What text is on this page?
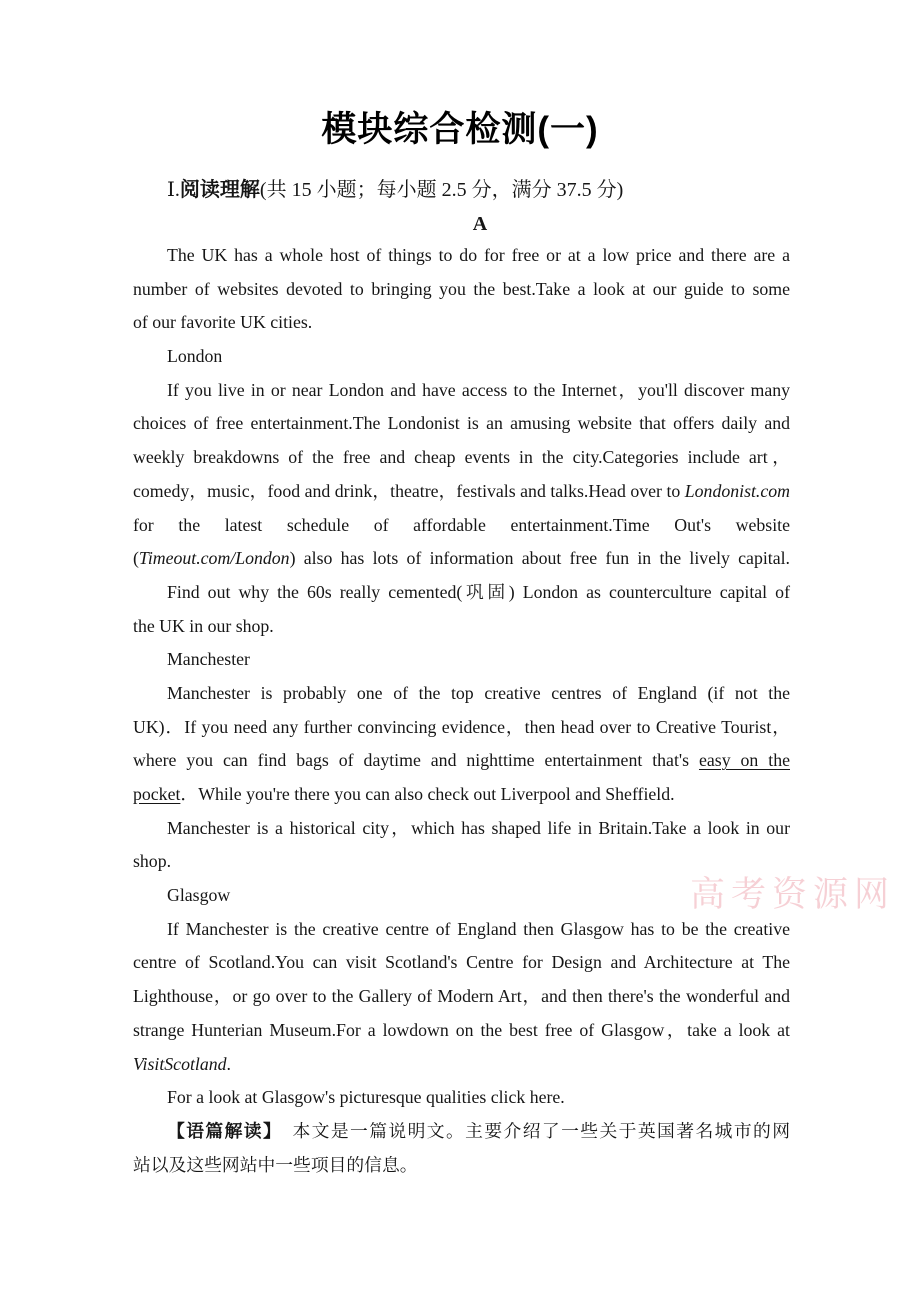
模块综合检测(一)
Ⅰ.阅读理解(共 15 小题；每小题 2.5 分，满分 37.5 分)
A
The UK has a whole host of things to do for free or at a low price and there are a
number of websites devoted to bringing you the best.Take a look at our guide to some
of our favorite UK cities.
London
If you live in or near London and have access to the Internet，you'll discover many
choices of free entertainment.The Londonist is an amusing website that offers daily and
weekly breakdowns of the free and cheap events in the city.Categories include art，
comedy，music，food and drink，theatre，festivals and talks.Head over to Londonist.com
for the latest schedule of affordable entertainment.Time Out's website
(Timeout.com/London) also has lots of information about free fun in the lively capital.
Find out why the 60s really cemented(巩固) London as counterculture capital of
the UK in our shop.
Manchester
Manchester is probably one of the top creative centres of England (if not the
UK)．If you need any further convincing evidence，then head over to Creative Tourist，
where you can find bags of daytime and nighttime entertainment that's easy on the
pocket．While you're there you can also check out Liverpool and Sheffield.
Manchester is a historical city，which has shaped life in Britain.Take a look in our
shop.
Glasgow
If Manchester is the creative centre of England then Glasgow has to be the creative
centre of Scotland.You can visit Scotland's Centre for Design and Architecture at The
Lighthouse，or go over to the Gallery of Modern Art，and then there's the wonderful and
strange Hunterian Museum.For a lowdown on the best free of Glasgow，take a look at
VisitScotland.
For a look at Glasgow's picturesque qualities click here.
【语篇解读】　本文是一篇说明文。主要介绍了一些关于英国著名城市的网
站以及这些网站中一些项目的信息。
高考资源网
